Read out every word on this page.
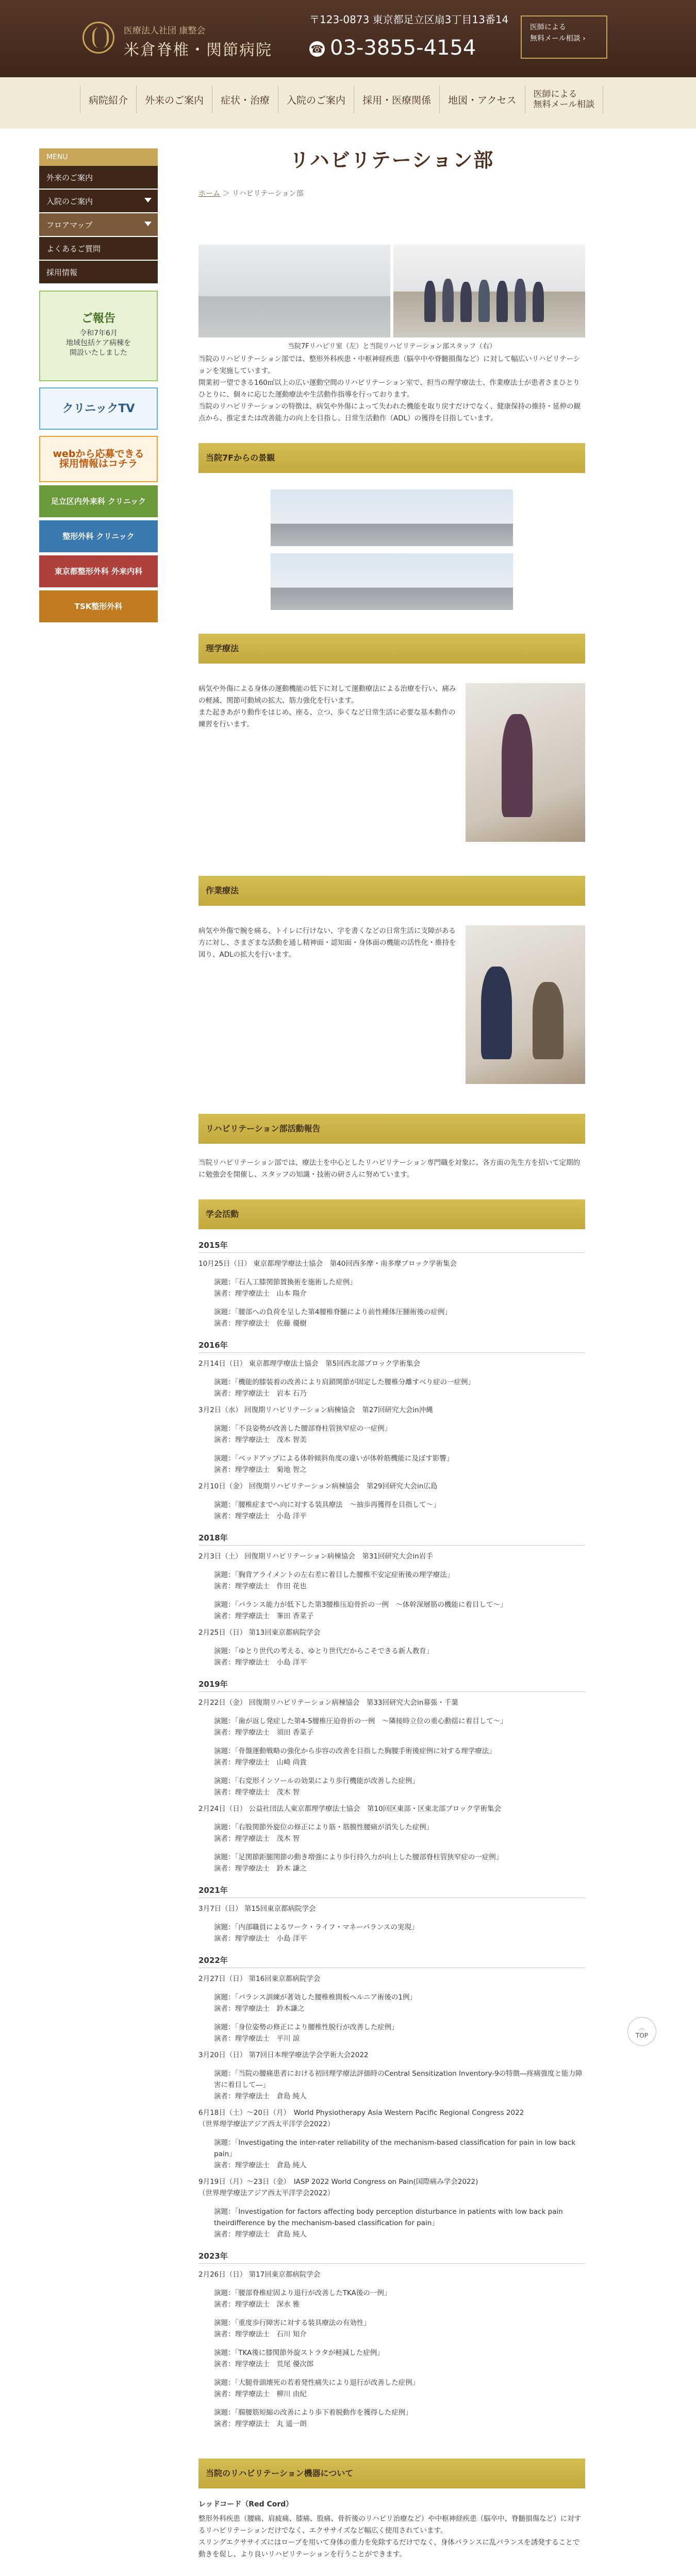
医療法人社団 康整会
米倉脊椎・関節病院
〒123-0873 東京都足立区扇3丁目13番14
☎ 03-3855-4154
医師による
無料メール相談 ›
病院紹介	外来のご案内	症状・治療	入院のご案内	採用・医療関係	地図・アクセス
医師による
無料メール相談
MENU
外来のご案内
入院のご案内
フロアマップ
よくあるご質問
採用情報
ご報告
令和7年6月
地域包括ケア病棟を
開設いたしました
クリニックTV
webから応募できる
採用情報はコチラ
足立区内外来科 クリニック
整形外科 クリニック
東京都整形外科 外来内科
TSK整形外科
リハビリテーション部
ホーム ＞ リハビリテーション部
当院7Fリハビリ室（左）と当院リハビリテーション部スタッフ（右）

当院のリハビリテーション部では、整形外科疾患・中枢神経疾患（脳卒中や脊髄損傷など）に対して幅広いリハビリテーションを実施しています。
開業初一望できる160㎡以上の広い運動空間のリハビリテーション室で、担当の理学療法士、作業療法士が患者さまひとりひとりに、個々に応じた運動療法や生活動作指導を行っております。
当院のリハビリテーションの特徴は、病気や外傷によって失われた機能を取り戻すだけでなく、健康保持の維持・延伸の観点から、推定または改善能力の向上を目指し、日常生活動作（ADL）の獲得を目指しています。

当院7Fからの景観
理学療法

病気や外傷による身体の運動機能の低下に対して運動療法による治療を行い、痛みの軽減、関節可動域の拡大、筋力強化を行います。
また起きあがり動作をはじめ、座る、立つ、歩くなど日常生活に必要な基本動作の練習を行います。

作業療法

病気や外傷で腕を痛る、トイレに行けない、字を書くなどの日常生活に支障がある方に対し、さまざまな活動を通し精神面・認知面・身体面の機能の活性化・維持を図り、ADLの拡大を行います。

リハビリテーション部活動報告

当院リハビリテーション部では、療法士を中心としたリハビリテーション専門職を対象に、各方面の先生方を招いて定期的に勉強会を開催し、スタッフの知識・技術の研さんに努めています。

学会活動
2015年
10月25日（日） 東京都理学療法士協会　第40回西多摩・南多摩ブロック学術集会
演題：「石人工膝関節置換術を施術した症例」
演者：理学療法士　山本 陽介
演題：「腰部への負荷を呈した第4腰椎脊髄により前性種体圧腫術後の症例」
演者：理学療法士　佐藤 優樹
2016年
2月14日（日） 東京都理学療法士協会　第5回西北部ブロック学術集会
演題：「機能的膝装着の改善により肩鎖関節が固定した腰椎分離すべり症の一症例」
演者：理学療法士　岩本 石乃
3月2日（水） 回復期リハビリテーション病棟協会　第27回研究大会in沖縄
演題：「不良姿勢が改善した腰部脊柱管狭窄症の一症例」
演者：理学療法士　茂木 智美
演題：「ベッドアップによる体幹傾斜角度の違いが体幹筋機能に及ぼす影響」
演者：理学療法士　菊地 智之
2月10日（金） 回復期リハビリテーション病棟協会　第29回研究大会in広島
演題：「腰椎症までへ向に対する装具療法　～抽歩再獲得を目指して～」
演者：理学療法士　小島 洋平
2018年
2月3日（土） 回復期リハビリテーション病棟協会　第31回研究大会in岩手
演題：「胸背アライメントの左右差に着目した腰椎不安定症術後の理学療法」
演者：理学療法士　作田 花也
演題：「バランス能力が低下した第3腰椎压迫骨折の一例　～体幹深層筋の機能に着目して～」
演者：理学療法士　峯田 香菜子
2月25日（日） 第13回東京都病院学会
演題：「ゆとり世代の考える、ゆとり世代だからこそできる新人教育」
演者：理学療法士　小島 洋平
2019年
2月22日（金） 回復期リハビリテーション病棟協会　第33回研究大会in幕張・千葉
演題：「歯が返し発症した第4-5腰椎圧迫骨折の一例　～隣接時立位の重心動揺に着目して～」
演者：理学療法士　須田 香菜子
演題：「骨盤運動戦略の強化から歩容の改善を目指した胸腰手術後症例に対する理学療法」
演者：理学療法士　山崎 尚貴
演題：「右変形インソールの効果により歩行機能が改善した症例」
演者：理学療法士　茂木 智
2月24日（日） 公益社団法人東京都理学療法士協会　第10回区東部・区東北部ブロック学術集会
演題：「右股関節外旋位の修正により筋・筋膜性腰痛が消失した症例」
演者：理学療法士　茂木 智
演題：「足関節距腿関節の動き増強により歩行持久力が向上した腰部脊柱管狭窄症の一症例」
演者：理学療法士　鈴木 謙之
2021年
3月7日（日） 第15回東京都病院学会
演題：「内部職員によるワーク・ライフ・マネーバランスの実現」
演者：理学療法士　小島 洋平
2022年
2月27日（日） 第16回東京都病院学会
演題：「バランス訓練が著効した腰椎椎間板ヘルニア術後の1例」
演者：理学療法士　鈴木謙之
演題：「身位姿勢の修正により腰椎性脱行が改善した症例」
演者：理学療法士　平川 諒
3月20日（日） 第7回日本理学療法学会学術大会2022
演題：「当院の腰痛患者における初回理学療法評価時のCentral Sensitization Inventory-9の特徴―疼痛強度と能力障害に着目して―」
演者：理学療法士　倉島 純人
6月18日（土）～20日（月）　World Physiotherapy Asia Western Pacific Regional Congress 2022
（世界理学療法アジア西太平洋学会2022）
演題：「Investigating the inter-rater reliability of the mechanism-based classification for pain in low back pain」
演者：理学療法士　倉島 純人
9月19日（月）～23日（金）　IASP 2022 World Congress on Pain(国際痛み学会2022)
（世界理学療法アジア西太平洋学会2022）
演題：「Investigation for factors affecting body perception disturbance in patients with low back pain
theirdifference by the mechanism-based classification for pain」
演者：理学療法士　倉島 純人
2023年
2月26日（日） 第17回東京都病院学会
演題：「腰部脊椎症固より退行が改善したTKA後の一例」
演者：理学療法士　深水 雅
演題：「重度歩行障害に対する装具療法の有効性」
演者：理学療法士　石川 知介
演題：「TKA後に膝関節外旋ストラタが軽減した症例」
演者：理学療法士　荒尾 優次郎
演題：「大腿骨頭壊死の若着発性痛失により退行が改善した症例」
演者：理学療法士　柳川 由紀
演題：「腸腰筋短縮の改善により歩下着脱動作を獲得した症例」
演者：理学療法士　丸 遥一朗
当院のリハビリテーション機器について
レッドコード（Red Cord）

整形外科疾患（腰痛、肩疲痛、膝痛、股痛、骨折後のリハビリ治療など）や中枢神経疾患（脳卒中、脊髄損傷など）に対するリハビリテーションだけでなく、エクササイズなど幅広く使用されています。
スリングエクササイズにはロープを用いて身体の重力を免除するだけでなく、身体バランスに乱バランスを誘発することで動きを促し、より良いリハビリテーションを行うことができます。

︿
TOP
